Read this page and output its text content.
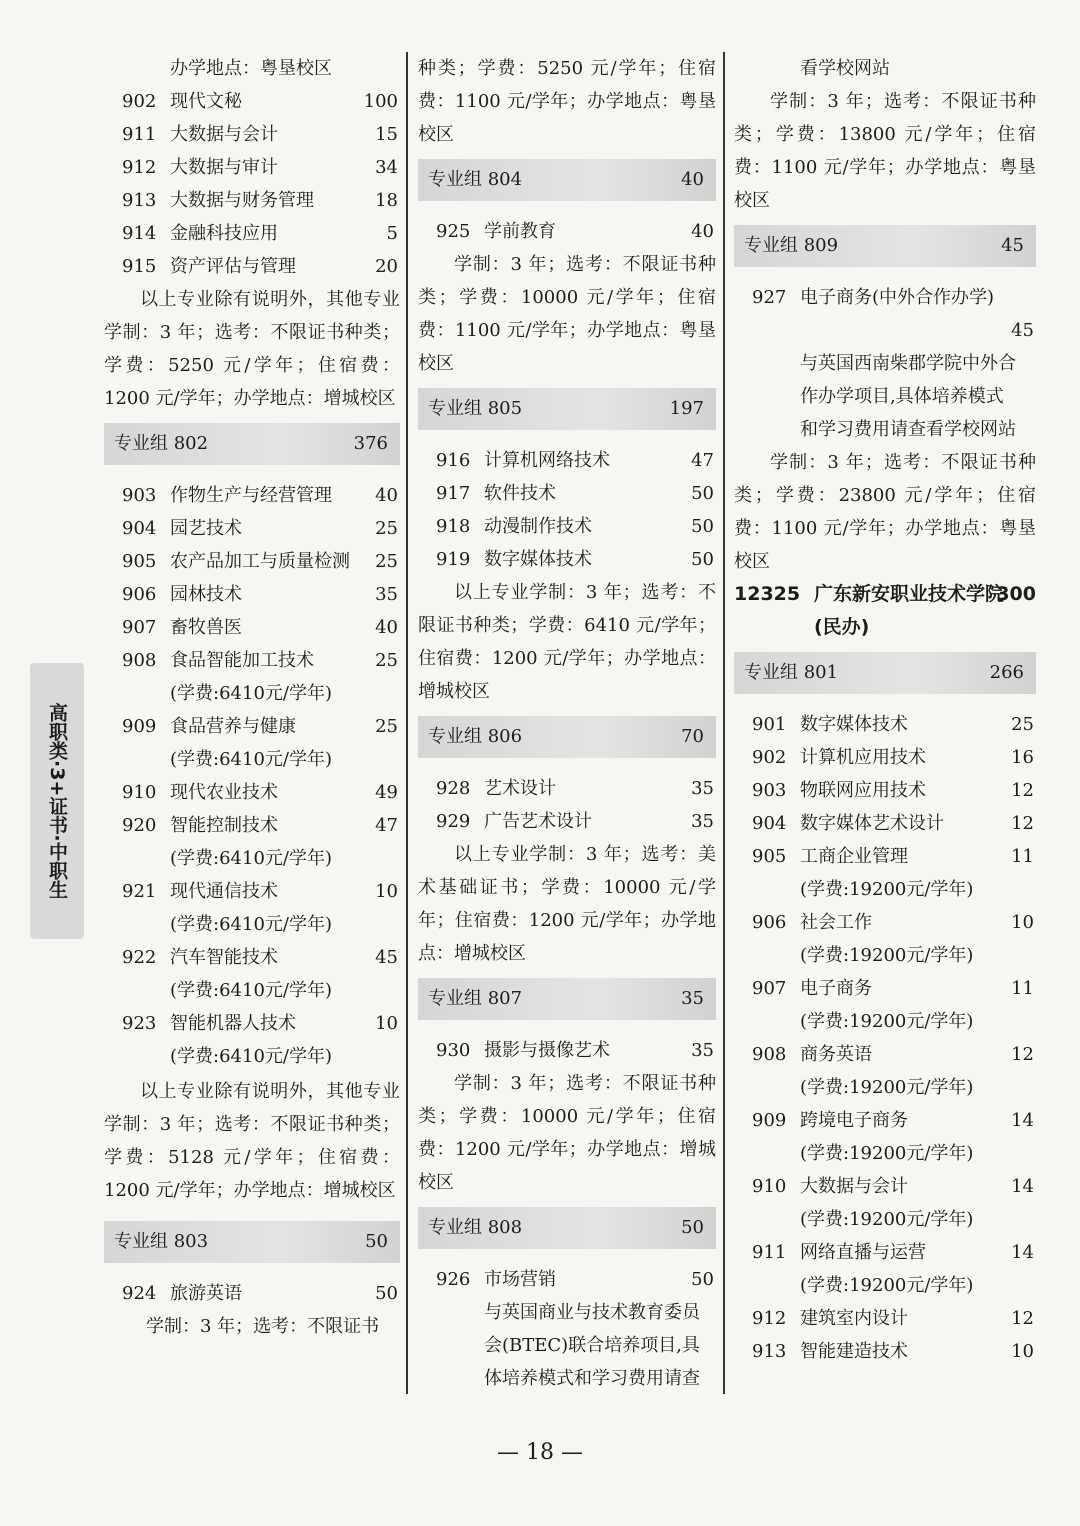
高职类·3+证书·中职生
办学地点：粤垦校区
902 现代文秘	100
911 大数据与会计	15
912 大数据与审计	34
913 大数据与财务管理	18
914 金融科技应用	5
915 资产评估与管理	20

以上专业除有说明外，其他专业学制：3 年；选考：不限证书种类；学费：5250 元/学年；住宿费：1200 元/学年；办学地点：增城校区

专业组 802	376
903 作物生产与经营管理 40
904 园艺技术	25
905 农产品加工与质量检测 25
906 园林技术	35
907 畜牧兽医	40
908 食品智能加工技术	25
(学费:6410元/学年)
909 食品营养与健康	25
(学费:6410元/学年)
910 现代农业技术	49
920 智能控制技术	47
(学费:6410元/学年)
921 现代通信技术	10
(学费:6410元/学年)
922 汽车智能技术	45
(学费:6410元/学年)
923 智能机器人技术	10
(学费:6410元/学年)

以上专业除有说明外，其他专业学制：3 年；选考：不限证书种类；学费：5128 元/学年；住宿费：1200 元/学年；办学地点：增城校区

专业组 803	50
924 旅游英语	50
学制：3 年；选考：不限证书

种类；学费：5250 元/学年；住宿费：1100 元/学年；办学地点：粤垦校区

专业组 804	40
925 学前教育	40

学制：3 年；选考：不限证书种类；学费：10000 元/学年；住宿费：1100 元/学年；办学地点：粤垦校区

专业组 805	197
916 计算机网络技术	47
917 软件技术	50
918 动漫制作技术	50
919 数字媒体技术	50

以上专业学制：3 年；选考：不限证书种类；学费：6410 元/学年；住宿费：1200 元/学年；办学地点：增城校区

专业组 806	70
928 艺术设计	35
929 广告艺术设计	35

以上专业学制：3 年；选考：美术基础证书；学费：10000 元/学年；住宿费：1200 元/学年；办学地点：增城校区

专业组 807	35
930 摄影与摄像艺术	35

学制：3 年；选考：不限证书种类；学费：10000 元/学年；住宿费：1200 元/学年；办学地点：增城校区

专业组 808	50
926 市场营销	50
与英国商业与技术教育委员
会(BTEC)联合培养项目,具
体培养模式和学习费用请查
看学校网站

学制：3 年；选考：不限证书种类；学费：13800 元/学年；住宿费：1100 元/学年；办学地点：粤垦校区

专业组 809	45
927 电子商务(中外合作办学)
45
与英国西南柴郡学院中外合
作办学项目,具体培养模式
和学习费用请查看学校网站

学制：3 年；选考：不限证书种类；学费：23800 元/学年；住宿费：1100 元/学年；办学地点：粤垦校区

12325 广东新安职业技术学院
(民办)
300
专业组 801	266
901 数字媒体技术	25
902 计算机应用技术	16
903 物联网应用技术	12
904 数字媒体艺术设计	12
905 工商企业管理	11
(学费:19200元/学年)
906 社会工作	10
(学费:19200元/学年)
907 电子商务	11
(学费:19200元/学年)
908 商务英语	12
(学费:19200元/学年)
909 跨境电子商务	14
(学费:19200元/学年)
910 大数据与会计	14
(学费:19200元/学年)
911 网络直播与运营	14
(学费:19200元/学年)
912 建筑室内设计	12
913 智能建造技术	10
— 18 —
